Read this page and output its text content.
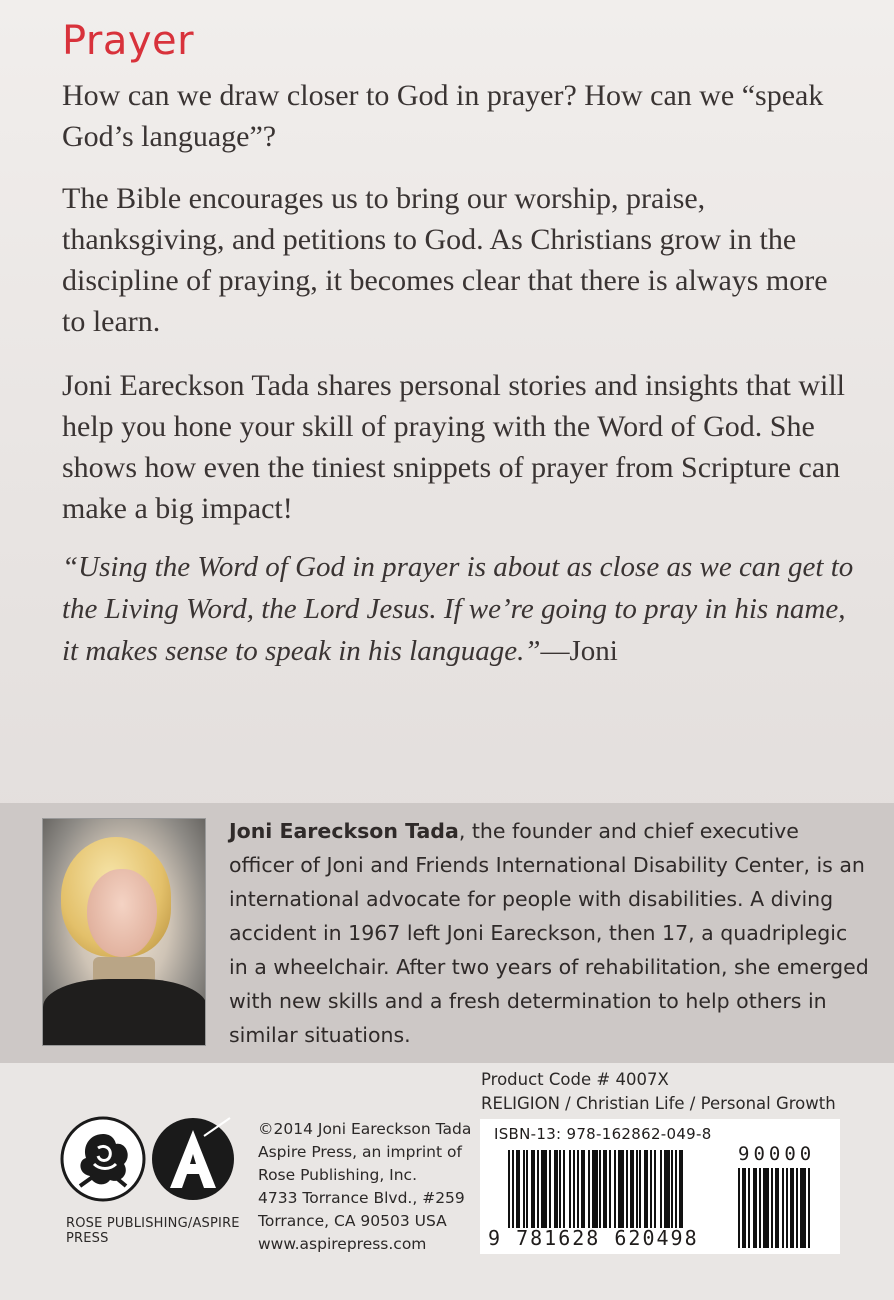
Prayer

How can we draw closer to God in prayer? How can we “speak God’s language”?

The Bible encourages us to bring our worship, praise, thanksgiving, and petitions to God. As Christians grow in the discipline of praying, it becomes clear that there is always more to learn.

Joni Eareckson Tada shares personal stories and insights that will help you hone your skill of praying with the Word of God. She shows how even the tiniest snippets of prayer from Scripture can make a big impact!

“Using the Word of God in prayer is about as close as we can get to the Living Word, the Lord Jesus. If we’re going to pray in his name, it makes sense to speak in his language.”—Joni

Joni Eareckson Tada, the founder and chief executive officer of Joni and Friends International Disability Center, is an international advocate for people with disabilities. A diving accident in 1967 left Joni Eareckson, then 17, a quadriplegic in a wheelchair. After two years of rehabilitation, she emerged with new skills and a fresh determination to help others in similar situations.

Product Code # 4007X
RELIGION / Christian Life / Personal Growth
ROSE PUBLISHING/ASPIRE PRESS
©2014 Joni Eareckson Tada
Aspire Press, an imprint of
Rose Publishing, Inc.
4733 Torrance Blvd., #259
Torrance, CA 90503 USA
www.aspirepress.com
ISBN-13: 978-162862-049-8
90000
9 781628 620498
